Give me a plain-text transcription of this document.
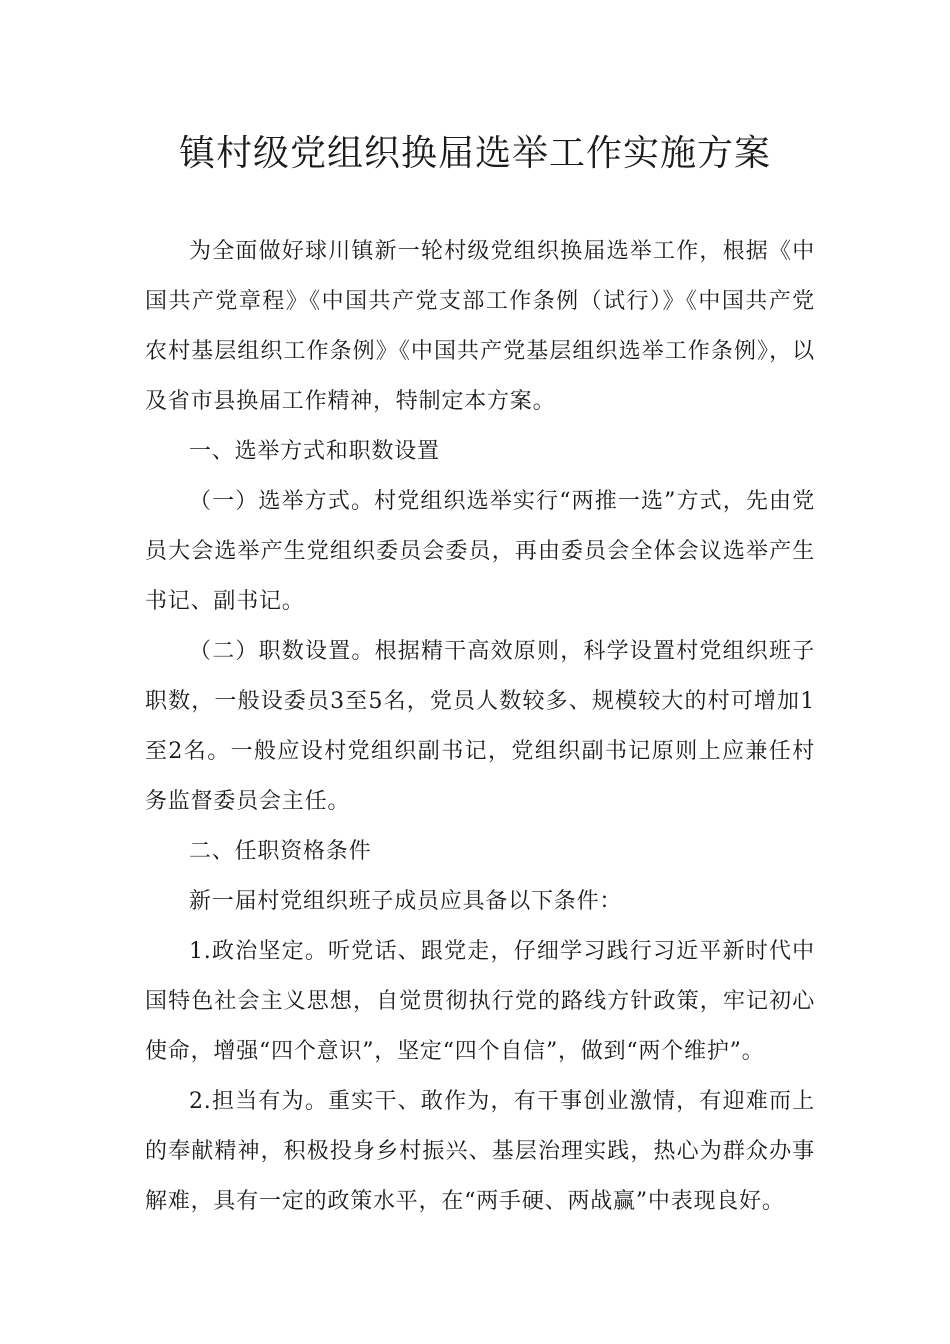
镇村级党组织换届选举工作实施方案

为全面做好球川镇新一轮村级党组织换届选举工作，根据《中国共产党章程》《中国共产党支部工作条例（试行）》《中国共产党农村基层组织工作条例》《中国共产党基层组织选举工作条例》，以及省市县换届工作精神，特制定本方案。

一、选举方式和职数设置

（一）选举方式。村党组织选举实行“两推一选”方式，先由党员大会选举产生党组织委员会委员，再由委员会全体会议选举产生书记、副书记。

（二）职数设置。根据精干高效原则，科学设置村党组织班子职数，一般设委员3至5名，党员人数较多、规模较大的村可增加1至2名。一般应设村党组织副书记，党组织副书记原则上应兼任村务监督委员会主任。

二、任职资格条件

新一届村党组织班子成员应具备以下条件：

1.政治坚定。听党话、跟党走，仔细学习践行习近平新时代中国特色社会主义思想，自觉贯彻执行党的路线方针政策，牢记初心使命，增强“四个意识”，坚定“四个自信”，做到“两个维护”。

2.担当有为。重实干、敢作为，有干事创业激情，有迎难而上的奉献精神，积极投身乡村振兴、基层治理实践，热心为群众办事解难，具有一定的政策水平，在“两手硬、两战赢”中表现良好。
